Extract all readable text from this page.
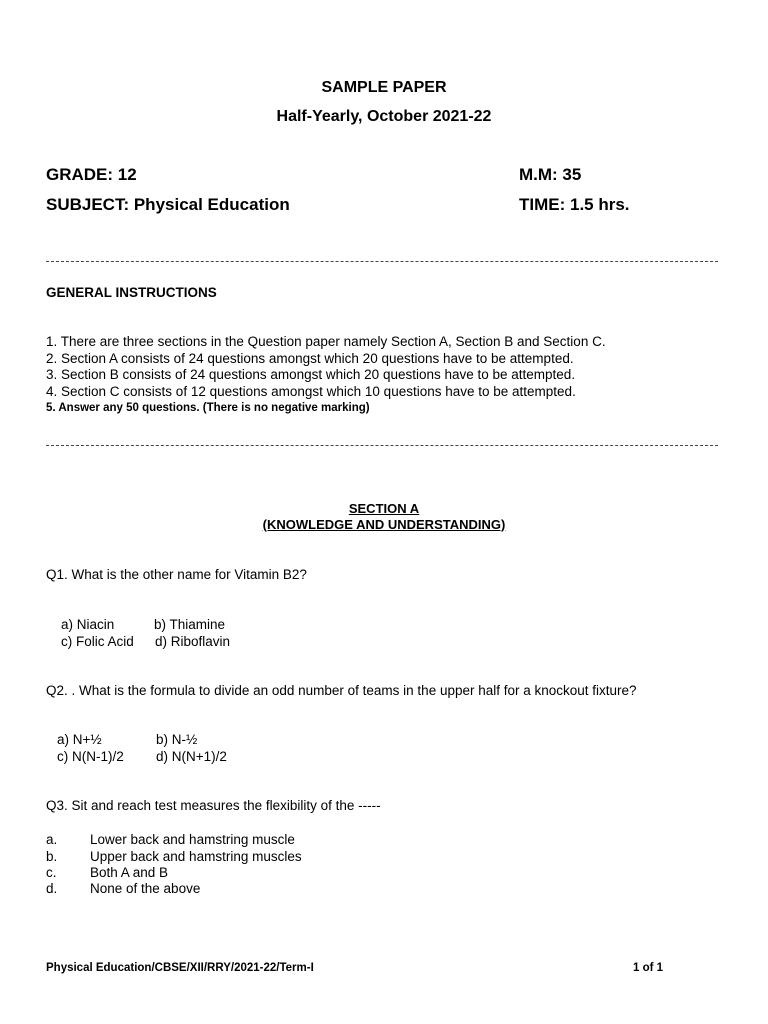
SAMPLE PAPER
Half-Yearly, October 2021-22
GRADE: 12	M.M: 35
SUBJECT: Physical Education	TIME: 1.5 hrs.
GENERAL INSTRUCTIONS
1. There are three sections in the Question paper namely Section A, Section B and Section C.
2. Section A consists of 24 questions amongst which 20 questions have to be attempted.
3. Section B consists of 24 questions amongst which 20 questions have to be attempted.
4. Section C consists of 12 questions amongst which 10 questions have to be attempted.
5. Answer any 50 questions. (There is no negative marking)
SECTION A
(KNOWLEDGE AND UNDERSTANDING)
Q1. What is the other name for Vitamin B2?
a) Niacin	b) Thiamine
c) Folic Acid d) Riboflavin
Q2. . What is the formula to divide an odd number of teams in the upper half for a knockout fixture?
a) N+½	b) N-½
c) N(N-1)/2 d) N(N+1)/2
Q3. Sit and reach test measures the flexibility of the -----
a. Lower back and hamstring muscle
b. Upper back and hamstring muscles
c. Both A and B
d. None of the above
Physical Education/CBSE/XII/RRY/2021-22/Term-I	1 of 1
